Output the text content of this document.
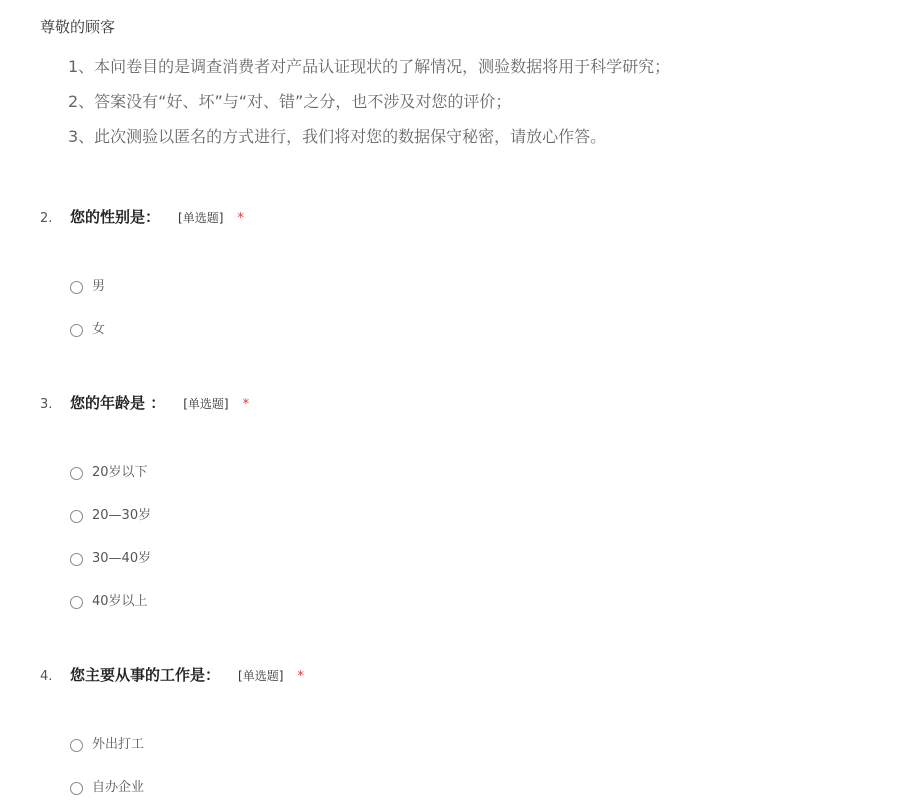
尊敬的顾客
1、本问卷目的是调查消费者对产品认证现状的了解情况，测验数据将用于科学研究；
2、答案没有“好、坏”与“对、错”之分，也不涉及对您的评价；
3、此次测验以匿名的方式进行，我们将对您的数据保守秘密，请放心作答。
2. 您的性别是： [单选题] *
男
女
3. 您的年龄是 ： [单选题] *
20岁以下
20—30岁
30—40岁
40岁以上
4. 您主要从事的工作是： [单选题] *
外出打工
自办企业
